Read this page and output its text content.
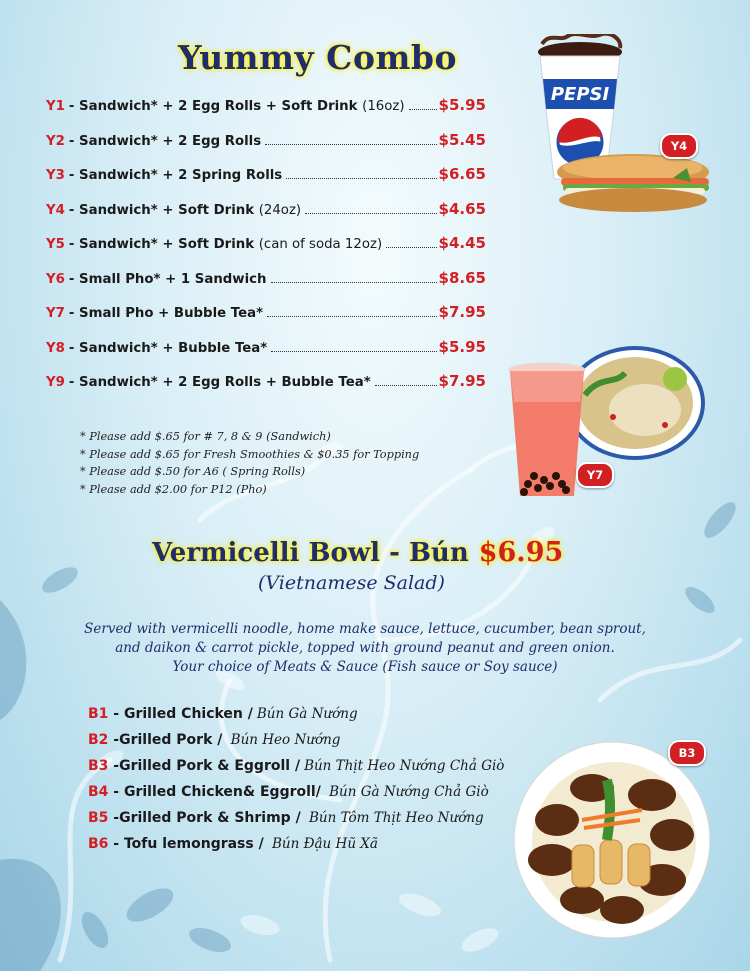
Yummy Combo
Y1 - Sandwich* + 2 Egg Rolls + Soft Drink (16oz) $5.95
Y2 - Sandwich* + 2 Egg Rolls	$5.45
Y3 - Sandwich* + 2 Spring Rolls	$6.65
Y4 - Sandwich* + Soft Drink (24oz)	$4.65
Y5 - Sandwich* + Soft Drink (can of soda 12oz)	$4.45
Y6 - Small Pho* + 1 Sandwich	$8.65
Y7 - Small Pho + Bubble Tea*	$7.95
Y8 - Sandwich* + Bubble Tea*	$5.95
Y9 - Sandwich* + 2 Egg Rolls + Bubble Tea*	$7.95
* Please add $.65 for # 7, 8 & 9 (Sandwich)
* Please add $.65 for Fresh Smoothies & $0.35 for Topping
* Please add $.50 for A6 ( Spring Rolls)
* Please add $2.00 for P12 (Pho)
Vermicelli Bowl - Bún $6.95
(Vietnamese Salad)
Served with vermicelli noodle, home make sauce, lettuce, cucumber, bean sprout,
and daikon & carrot pickle, topped with ground peanut and green onion.
Your choice of Meats & Sauce (Fish sauce or Soy sauce)
B1 - Grilled Chicken / Bún Gà Nướng
B2 -Grilled Pork / Bún Heo Nướng
B3 -Grilled Pork & Eggroll / Bún Thịt Heo Nướng Chả Giò
B4 - Grilled Chicken& Eggroll/ Bún Gà Nướng Chả Giò
B5 -Grilled Pork & Shrimp / Bún Tôm Thịt Heo Nướng
B6 - Tofu lemongrass / Bún Đậu Hũ Xã
PEPSI
Y4
Y7
B3
